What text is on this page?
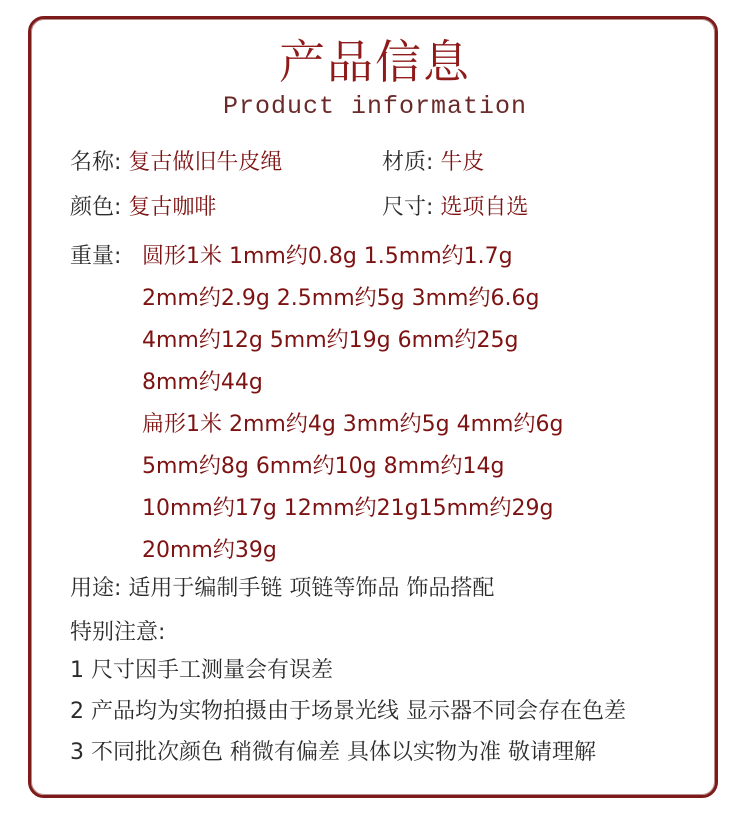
产品信息
Product information
名称: 复古做旧牛皮绳	材质: 牛皮
颜色: 复古咖啡	尺寸: 选项自选
重量: 圆形1米 1mm约0.8g 1.5mm约1.7g
2mm约2.9g 2.5mm约5g 3mm约6.6g
4mm约12g 5mm约19g 6mm约25g
8mm约44g
扁形1米 2mm约4g 3mm约5g 4mm约6g
5mm约8g 6mm约10g 8mm约14g
10mm约17g 12mm约21g15mm约29g
20mm约39g
用途: 适用于编制手链 项链等饰品 饰品搭配
特别注意:
1 尺寸因手工测量会有误差
2 产品均为实物拍摄由于场景光线 显示器不同会存在色差
3 不同批次颜色 稍微有偏差 具体以实物为准 敬请理解
